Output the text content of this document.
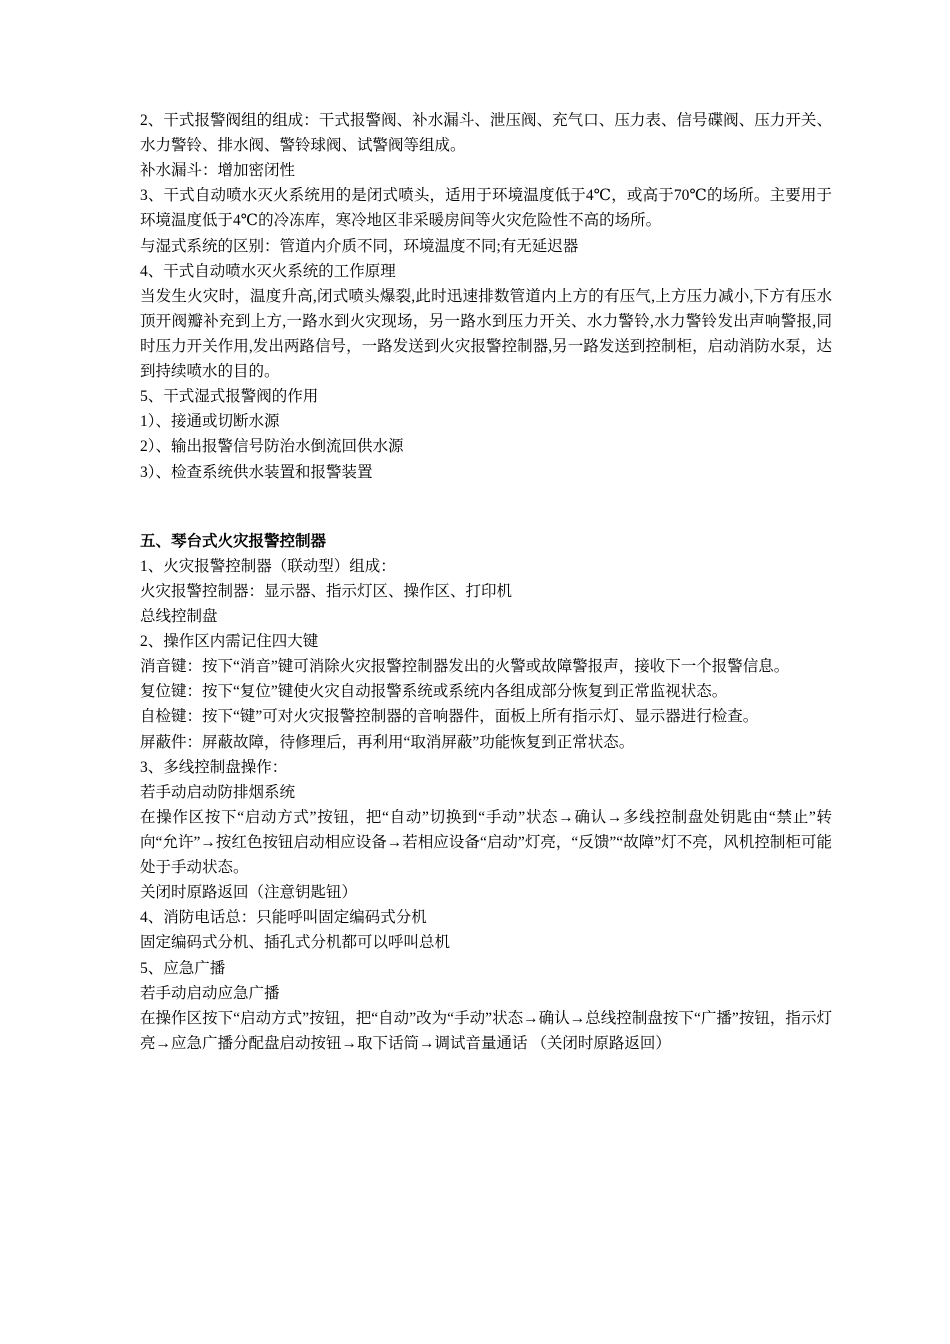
2、干式报警阀组的组成：干式报警阀、补水漏斗、泄压阀、充气口、压力表、信号碟阀、压力开关、水力警铃、排水阀、警铃球阀、试警阀等组成。

补水漏斗：增加密闭性

3、干式自动喷水灭火系统用的是闭式喷头，适用于环境温度低于4℃，或高于70℃的场所。主要用于环境温度低于4℃的冷冻库，寒冷地区非采暖房间等火灾危险性不高的场所。

与湿式系统的区别：管道内介质不同，环境温度不同;有无延迟器

4、干式自动喷水灭火系统的工作原理

当发生火灾时，温度升高,闭式喷头爆裂,此时迅速排数管道内上方的有压气,上方压力减小,下方有压水顶开阀瓣补充到上方,一路水到火灾现场，另一路水到压力开关、水力警铃,水力警铃发出声响警报,同时压力开关作用,发出两路信号，一路发送到火灾报警控制器,另一路发送到控制柜，启动消防水泵，达到持续喷水的目的。

5、干式湿式报警阀的作用

1）、接通或切断水源

2）、输出报警信号防治水倒流回供水源

3）、检查系统供水装置和报警装置

五、琴台式火灾报警控制器

1、火灾报警控制器（联动型）组成：

火灾报警控制器：显示器、指示灯区、操作区、打印机

总线控制盘

2、操作区内需记住四大键

消音键：按下“消音”键可消除火灾报警控制器发出的火警或故障警报声，接收下一个报警信息。

复位键：按下“复位”键使火灾自动报警系统或系统内各组成部分恢复到正常监视状态。

自检键：按下“键”可对火灾报警控制器的音响器件，面板上所有指示灯、显示器进行检查。

屏蔽件：屏蔽故障，待修理后，再利用“取消屏蔽”功能恢复到正常状态。

3、多线控制盘操作：

若手动启动防排烟系统

在操作区按下“启动方式”按钮，把“自动”切换到“手动”状态→确认→多线控制盘处钥匙由“禁止”转向“允许”→按红色按钮启动相应设备→若相应设备“启动”灯亮，“反馈”“故障”灯不亮，风机控制柜可能处于手动状态。

关闭时原路返回（注意钥匙钮）

4、消防电话总：只能呼叫固定编码式分机

固定编码式分机、插孔式分机都可以呼叫总机

5、应急广播

若手动启动应急广播

在操作区按下“启动方式”按钮，把“自动”改为“手动”状态→确认→总线控制盘按下“广播”按钮，指示灯亮→应急广播分配盘启动按钮→取下话筒→调试音量通话 （关闭时原路返回）
